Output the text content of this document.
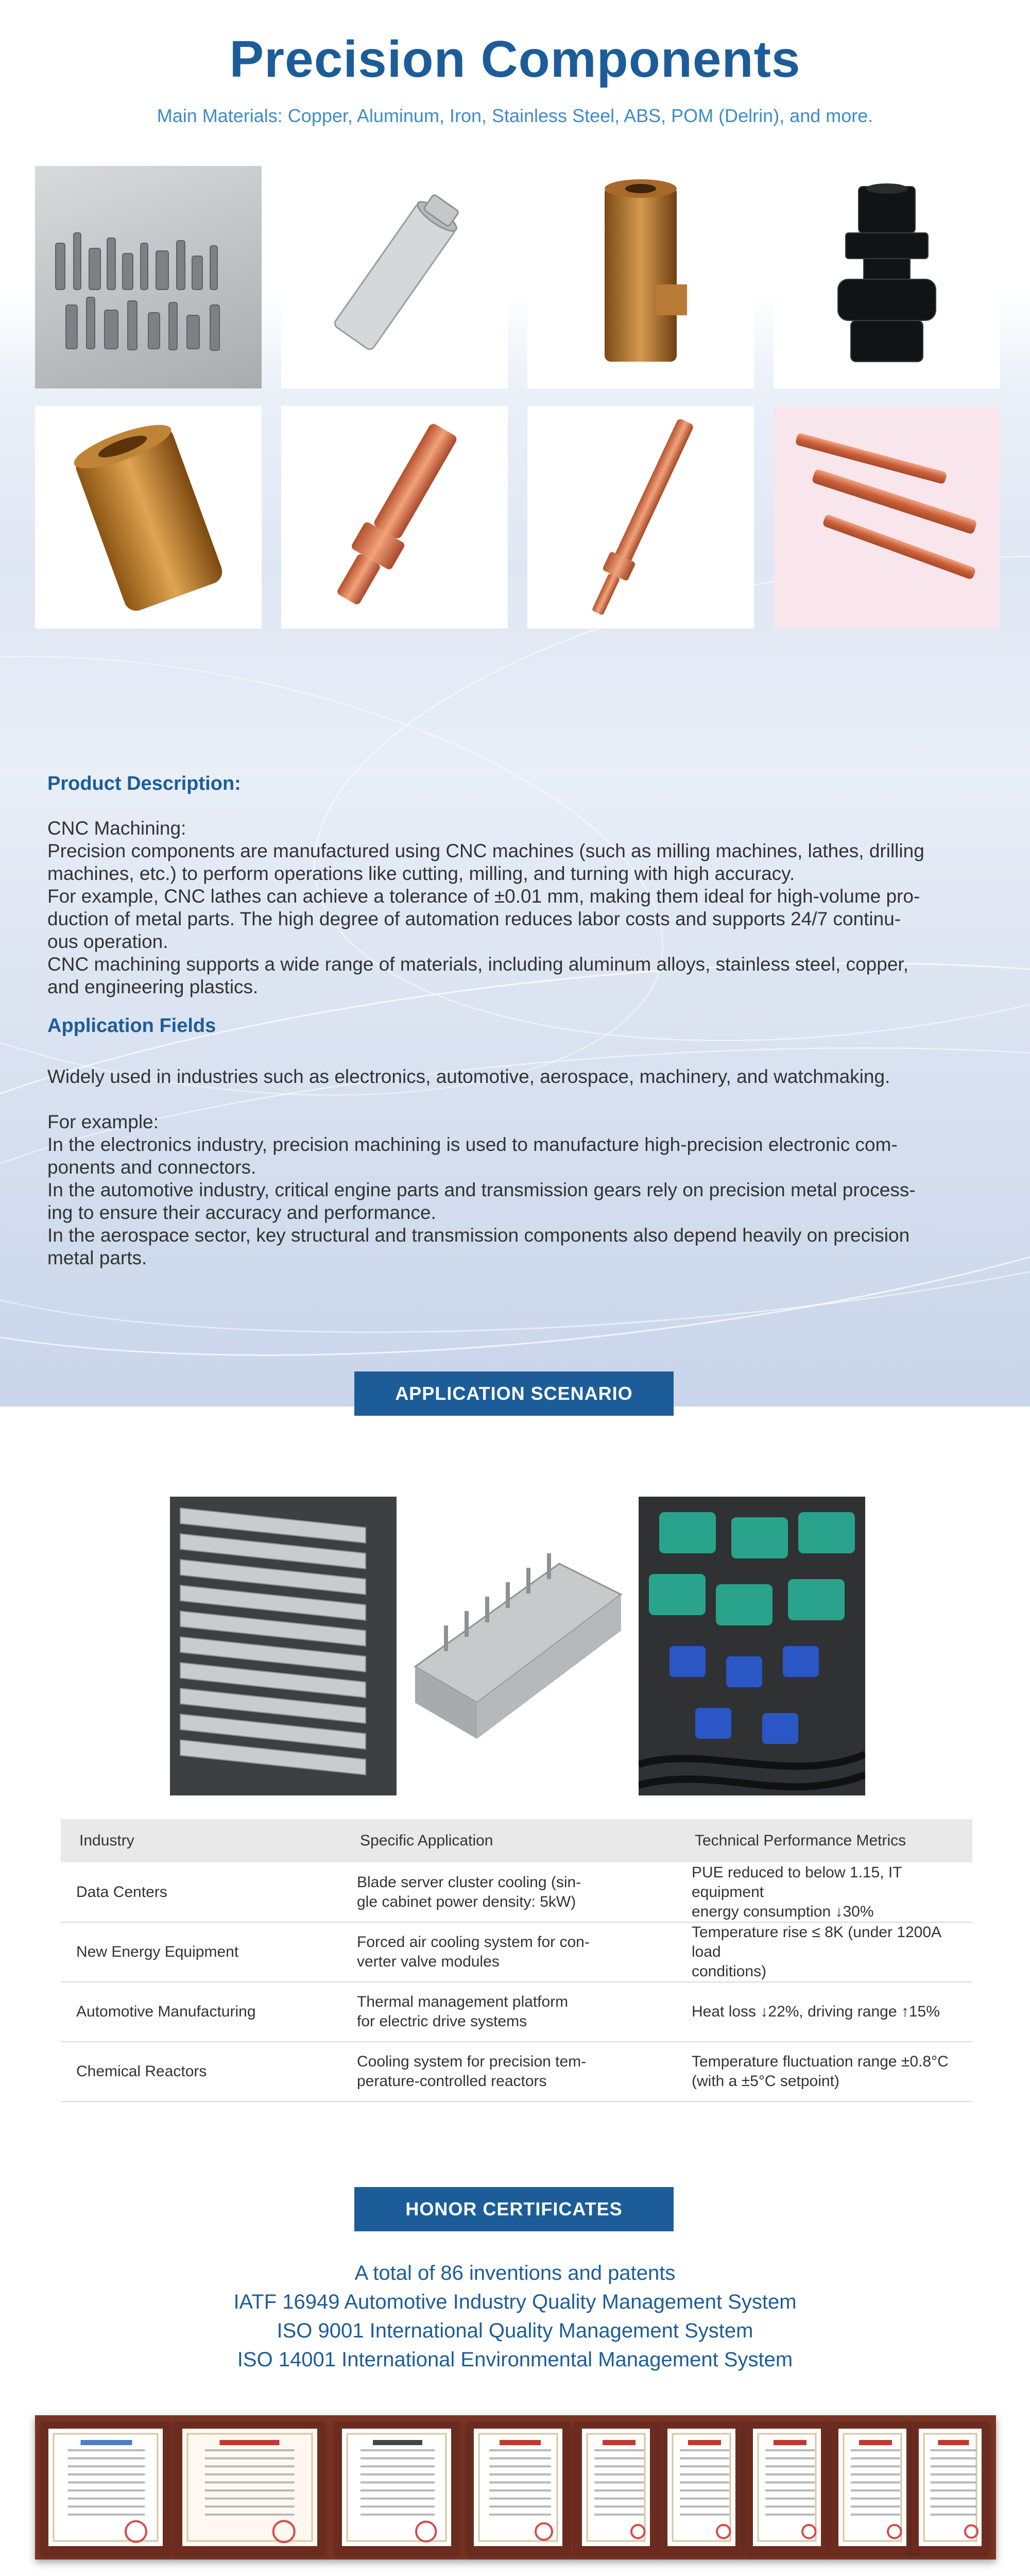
Precision Components
Main Materials: Copper, Aluminum, Iron, Stainless Steel, ABS, POM (Delrin), and more.
Product Description:
CNC Machining:
Precision components are manufactured using CNC machines (such as milling machines, lathes, drilling
machines, etc.) to perform operations like cutting, milling, and turning with high accuracy.
For example, CNC lathes can achieve a tolerance of ±0.01 mm, making them ideal for high-volume pro-
duction of metal parts. The high degree of automation reduces labor costs and supports 24/7 continu-
ous operation.
CNC machining supports a wide range of materials, including aluminum alloys, stainless steel, copper,
and engineering plastics.
Application Fields
Widely used in industries such as electronics, automotive, aerospace, machinery, and watchmaking.
For example:
In the electronics industry, precision machining is used to manufacture high-precision electronic com-
ponents and connectors.
In the automotive industry, critical engine parts and transmission gears rely on precision metal process-
ing to ensure their accuracy and performance.
In the aerospace sector, key structural and transmission components also depend heavily on precision
metal parts.
APPLICATION SCENARIO
Industry	Specific Application	Technical Performance Metrics
Data Centers	Blade server cluster cooling (sin-
gle cabinet power density: 5kW)	PUE reduced to below 1.15, IT equipment
energy consumption ↓30%
New Energy Equipment	Forced air cooling system for con-
verter valve modules	Temperature rise ≤ 8K (under 1200A load
conditions)
Automotive Manufacturing	Thermal management platform
for electric drive systems	Heat loss ↓22%, driving range ↑15%
Chemical Reactors	Cooling system for precision tem-
perature-controlled reactors	Temperature fluctuation range ±0.8°C
(with a ±5°C setpoint)
HONOR CERTIFICATES
A total of 86 inventions and patents
IATF 16949 Automotive Industry Quality Management System
ISO 9001 International Quality Management System
ISO 14001 International Environmental Management System
